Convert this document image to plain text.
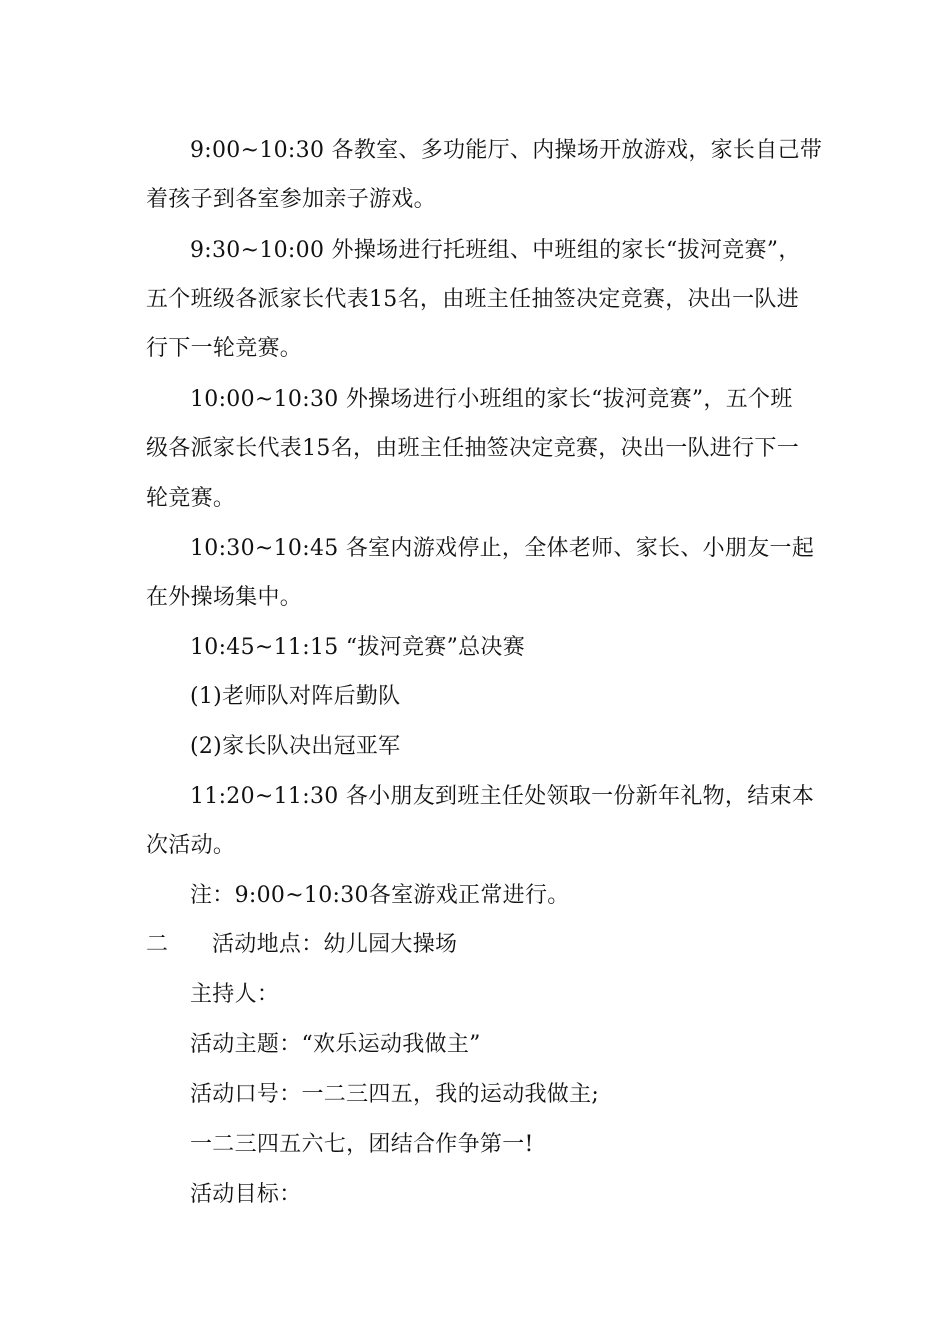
9:00~10:30 各教室、多功能厅、内操场开放游戏，家长自己带
着孩子到各室参加亲子游戏。
9:30~10:00 外操场进行托班组、中班组的家长“拔河竞赛”，
五个班级各派家长代表15名，由班主任抽签决定竞赛，决出一队进
行下一轮竞赛。
10:00~10:30 外操场进行小班组的家长“拔河竞赛”，五个班
级各派家长代表15名，由班主任抽签决定竞赛，决出一队进行下一
轮竞赛。
10:30~10:45 各室内游戏停止，全体老师、家长、小朋友一起
在外操场集中。
10:45~11:15 “拔河竞赛”总决赛
(1)老师队对阵后勤队
(2)家长队决出冠亚军
11:20~11:30 各小朋友到班主任处领取一份新年礼物，结束本
次活动。
注：9:00~10:30各室游戏正常进行。
二 活动地点：幼儿园大操场
主持人：
活动主题：“欢乐运动我做主”
活动口号：一二三四五，我的运动我做主;
一二三四五六七，团结合作争第一!
活动目标：
